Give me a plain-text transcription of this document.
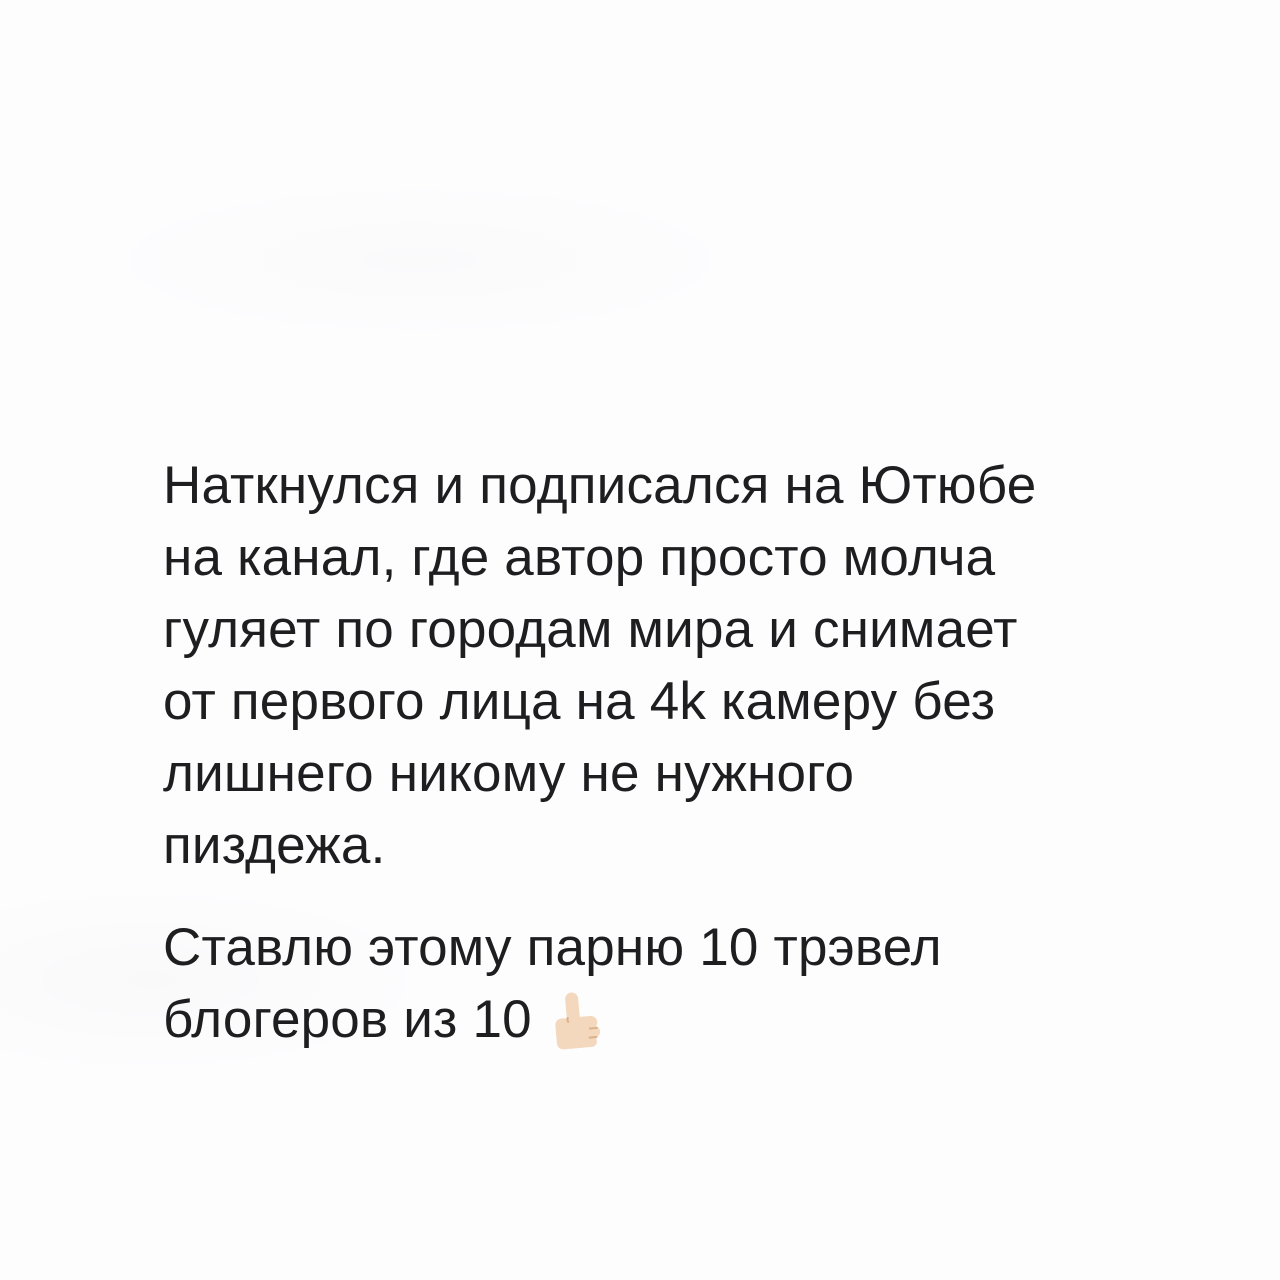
Наткнулся и подписался на Ютюбе
на канал, где автор просто молча
гуляет по городам мира и снимает
от первого лица на 4k камеру без
лишнего никому не нужного
пиздежа.
Ставлю этому парню 10 трэвел
блогеров из 10
